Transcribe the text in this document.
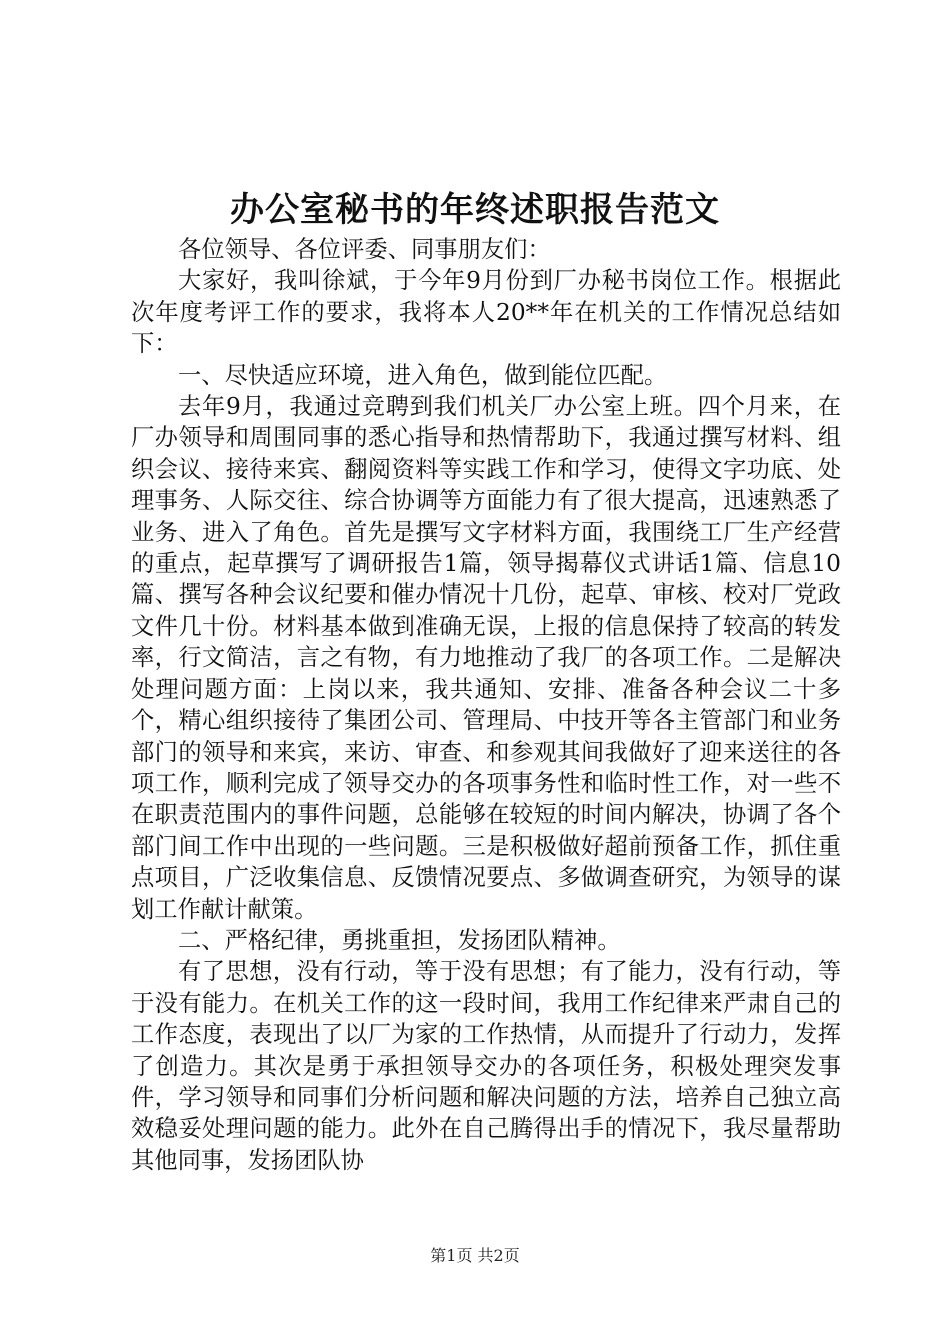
办公室秘书的年终述职报告范文

各位领导、各位评委、同事朋友们：

大家好，我叫徐斌，于今年9月份到厂办秘书岗位工作。根据此次年度考评工作的要求，我将本人20**年在机关的工作情况总结如下：

一、尽快适应环境，进入角色，做到能位匹配。

去年9月，我通过竞聘到我们机关厂办公室上班。四个月来，在厂办领导和周围同事的悉心指导和热情帮助下，我通过撰写材料、组织会议、接待来宾、翻阅资料等实践工作和学习，使得文字功底、处理事务、人际交往、综合协调等方面能力有了很大提高，迅速熟悉了业务、进入了角色。首先是撰写文字材料方面，我围绕工厂生产经营的重点，起草撰写了调研报告1篇，领导揭幕仪式讲话1篇、信息10篇、撰写各种会议纪要和催办情况十几份，起草、审核、校对厂党政文件几十份。材料基本做到准确无误，上报的信息保持了较高的转发率，行文简洁，言之有物，有力地推动了我厂的各项工作。二是解决处理问题方面：上岗以来，我共通知、安排、准备各种会议二十多个，精心组织接待了集团公司、管理局、中技开等各主管部门和业务部门的领导和来宾，来访、审查、和参观其间我做好了迎来送往的各项工作，顺利完成了领导交办的各项事务性和临时性工作，对一些不在职责范围内的事件问题，总能够在较短的时间内解决，协调了各个部门间工作中出现的一些问题。三是积极做好超前预备工作，抓住重点项目，广泛收集信息、反馈情况要点、多做调查研究，为领导的谋划工作献计献策。

二、严格纪律，勇挑重担，发扬团队精神。

有了思想，没有行动，等于没有思想；有了能力，没有行动，等于没有能力。在机关工作的这一段时间，我用工作纪律来严肃自己的工作态度，表现出了以厂为家的工作热情，从而提升了行动力，发挥了创造力。其次是勇于承担领导交办的各项任务，积极处理突发事件，学习领导和同事们分析问题和解决问题的方法，培养自己独立高效稳妥处理问题的能力。此外在自己腾得出手的情况下，我尽量帮助其他同事，发扬团队协

第1页 共2页
